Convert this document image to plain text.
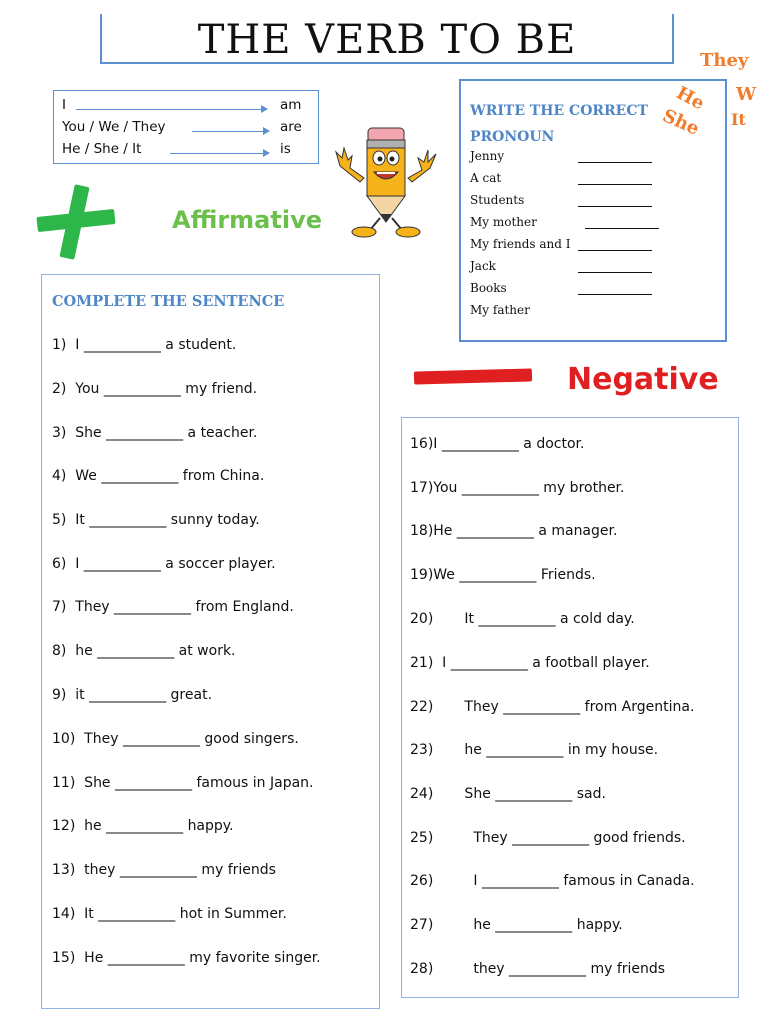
THE VERB TO BE
I	am
You / We / They	are
He / She / It	is
Affirmative
WRITE THE CORRECT
PRONOUN
Jenny
A cat
Students
My mother
My friends and I
Jack
Books
My father
They
W
It
He
She
COMPLETE THE SENTENCE
1)  I ___________ a student.
2)  You ___________ my friend.
3)  She ___________ a teacher.
4)  We ___________ from China.
5)  It ___________ sunny today.
6)  I ___________ a soccer player.
7)  They ___________ from England.
8)  he ___________ at work.
9)  it ___________ great.
10)  They ___________ good singers.
11)  She ___________ famous in Japan.
12)  he ___________ happy.
13)  they ___________ my friends
14)  It ___________ hot in Summer.
15)  He ___________ my favorite singer.
Negative
16)I ___________ a doctor.
17)You ___________ my brother.
18)He ___________ a manager.
19)We ___________ Friends.
20)       It ___________ a cold day.
21)  I ___________ a football player.
22)       They ___________ from Argentina.
23)       he ___________ in my house.
24)       She ___________ sad.
25)         They ___________ good friends.
26)         I ___________ famous in Canada.
27)         he ___________ happy.
28)         they ___________ my friends
